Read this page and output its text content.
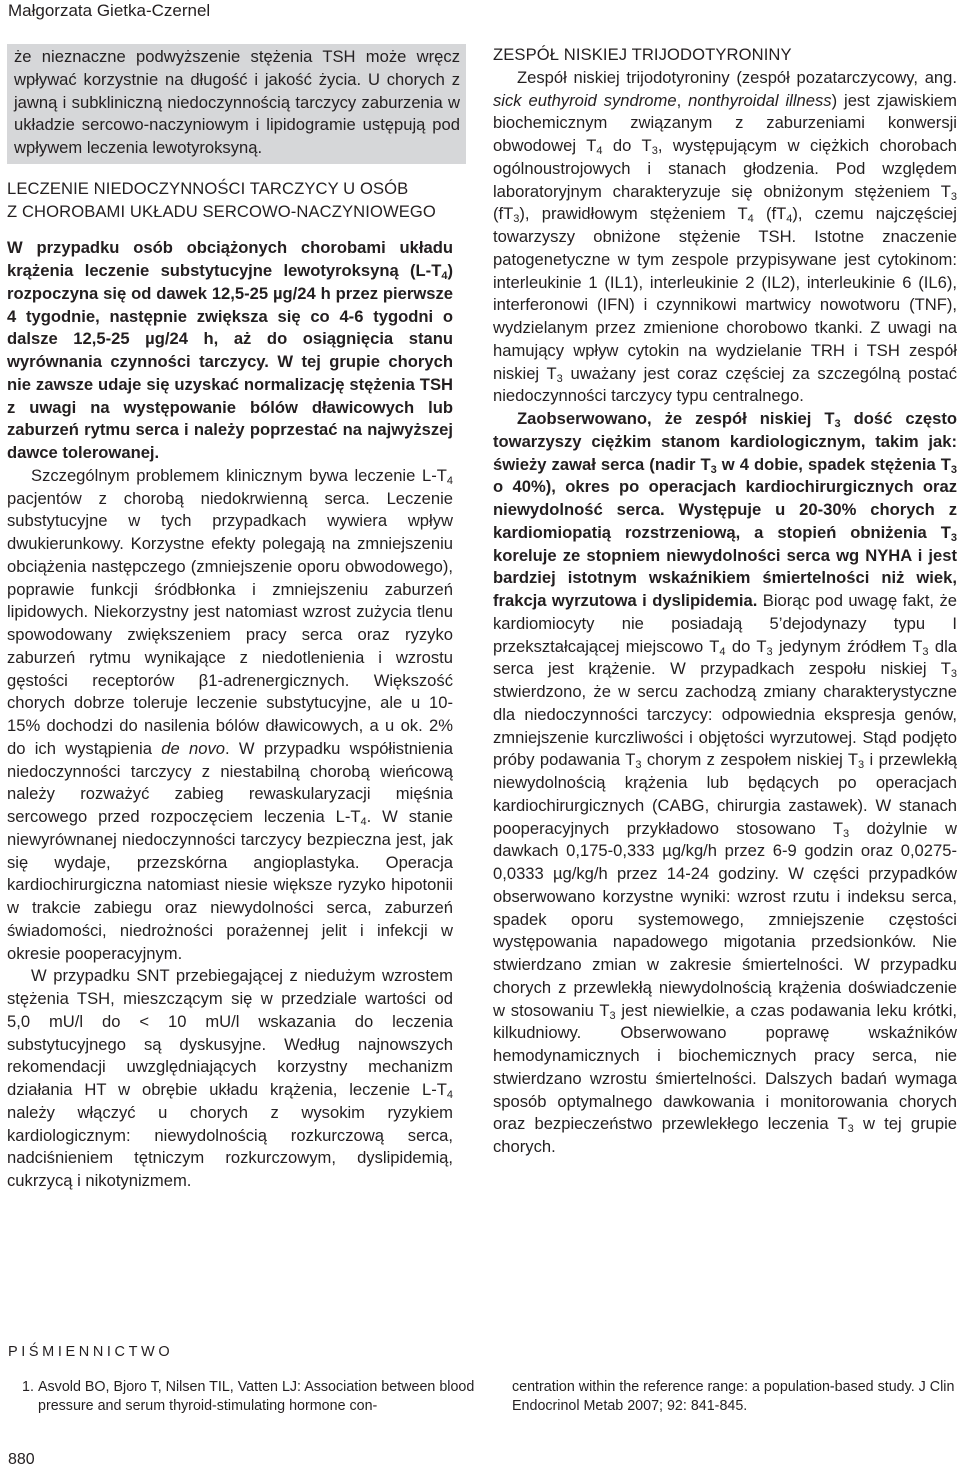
Małgorzata Gietka-Czernel

że nieznaczne podwyższenie stężenia TSH może wręcz wpływać korzystnie na długość i jakość życia. U chorych z jawną i subkliniczną niedoczynnością tarczycy zaburzenia w układzie sercowo-naczyniowym i lipidogramie ustępują pod wpływem leczenia lewotyroksyną.

LECZENIE NIEDOCZYNNOŚCI TARCZYCY U OSÓB
Z CHOROBAMI UKŁADU SERCOWO-NACZYNIOWEGO

W przypadku osób obciążonych chorobami układu krążenia leczenie substytucyjne lewotyroksyną $(L-T_4)$ rozpoczyna się od dawek 12,5-25 µg/24 h przez pierwsze 4 tygodnie, następnie zwiększa się co 4-6 tygodni o dalsze 12,5-25 µg/24 h, aż do osiągnięcia stanu wyrównania czynności tarczycy. W tej grupie chorych nie zawsze udaje się uzyskać normalizację stężenia TSH z uwagi na występowanie bólów dławicowych lub zaburzeń rytmu serca i należy poprzestać na najwyższej dawce tolerowanej.

Szczególnym problemem klinicznym bywa leczenie $L-T_4$ pacjentów z chorobą niedokrwienną serca. Leczenie substytucyjne w tych przypadkach wywiera wpływ dwukierunkowy. Korzystne efekty polegają na zmniejszeniu obciążenia następczego (zmniejszenie oporu obwodowego), poprawie funkcji śródbłonka i zmniejszeniu zaburzeń lipidowych. Niekorzystny jest natomiast wzrost zużycia tlenu spowodowany zwiększeniem pracy serca oraz ryzyko zaburzeń rytmu wynikające z niedotlenienia i wzrostu gęstości receptorów β1-adrenergicznych. Większość chorych dobrze toleruje leczenie substytucyjne, ale u 10-15% dochodzi do nasilenia bólów dławicowych, a u ok. 2% do ich wystąpienia de novo. W przypadku współistnienia niedoczynności tarczycy z niestabilną chorobą wieńcową należy rozważyć zabieg rewaskularyzacji mięśnia sercowego przed rozpoczęciem leczenia $L-T_4$. W stanie niewyrównanej niedoczynności tarczycy bezpieczna jest, jak się wydaje, przezskórna angioplastyka. Operacja kardiochirurgiczna natomiast niesie większe ryzyko hipotonii w trakcie zabiegu oraz niewydolności serca, zaburzeń świadomości, niedrożności porażennej jelit i infekcji w okresie pooperacyjnym.

W przypadku SNT przebiegającej z niedużym wzrostem stężenia TSH, mieszczącym się w przedziale wartości od 5,0 mU/l do < 10 mU/l wskazania do leczenia substytucyjnego są dyskusyjne. Według najnowszych rekomendacji uwzględniających korzystny mechanizm działania HT w obrębie układu krążenia, leczenie $L-T_4$ należy włączyć u chorych z wysokim ryzykiem kardiologicznym: niewydolnością rozkurczową serca, nadciśnieniem tętniczym rozkurczowym, dyslipidemią, cukrzycą i nikotynizmem.

ZESPÓŁ NISKIEJ TRIJODOTYRONINY

Zespół niskiej trijodotyroniny (zespół pozatarczycowy, ang. sick euthyroid syndrome, nonthyroidal illness) jest zjawiskiem biochemicznym związanym z zaburzeniami konwersji obwodowej $T_4$ do $T_3$, występującym w ciężkich chorobach ogólnoustrojowych i stanach głodzenia. Pod względem laboratoryjnym charakteryzuje się obniżonym stężeniem $T_3$ $(fT_3)$, prawidłowym stężeniem $T_4$ $(fT_4)$, czemu najczęściej towarzyszy obniżone stężenie TSH. Istotne znaczenie patogenetyczne w tym zespole przypisywane jest cytokinom: interleukinie 1 (IL1), interleukinie 2 (IL2), interleukinie 6 (IL6), interferonowi (IFN) i czynnikowi martwicy nowotworu (TNF), wydzielanym przez zmienione chorobowo tkanki. Z uwagi na hamujący wpływ cytokin na wydzielanie TRH i TSH zespół niskiej $T_3$ uważany jest coraz częściej za szczególną postać niedoczynności tarczycy typu centralnego.

Zaobserwowano, że zespół niskiej $T_3$ dość często towarzyszy ciężkim stanom kardiologicznym, takim jak: świeży zawał serca (nadir $T_3$ w 4 dobie, spadek stężenia $T_3$ o 40%), okres po operacjach kardiochirurgicznych oraz niewydolność serca. Występuje u 20-30% chorych z kardiomiopatią rozstrzeniową, a stopień obniżenia $T_3$ koreluje ze stopniem niewydolności serca wg NYHA i jest bardziej istotnym wskaźnikiem śmiertelności niż wiek, frakcja wyrzutowa i dyslipidemia. Biorąc pod uwagę fakt, że kardiomiocyty nie posiadają 5’dejodynazy typu I przekształcającej miejscowo $T_4$ do $T_3$ jedynym źródłem $T_3$ dla serca jest krążenie. W przypadkach zespołu niskiej $T_3$ stwierdzono, że w sercu zachodzą zmiany charakterystyczne dla niedoczynności tarczycy: odpowiednia ekspresja genów, zmniejszenie kurczliwości i objętości wyrzutowej. Stąd podjęto próby podawania $T_3$ chorym z zespołem niskiej $T_3$ i przewlekłą niewydolnością krążenia lub będących po operacjach kardiochirurgicznych (CABG, chirurgia zastawek). W stanach pooperacyjnych przykładowo stosowano $T_3$ dożylnie w dawkach 0,175-0,333 µg/kg/h przez 6-9 godzin oraz 0,0275-0,0333 µg/kg/h przez 14-24 godziny. W części przypadków obserwowano korzystne wyniki: wzrost rzutu i indeksu serca, spadek oporu systemowego, zmniejszenie częstości występowania napadowego migotania przedsionków. Nie stwierdzano zmian w zakresie śmiertelności. W przypadku chorych z przewlekłą niewydolnością krążenia doświadczenie w stosowaniu $T_3$ jest niewielkie, a czas podawania leku krótki, kilkudniowy. Obserwowano poprawę wskaźników hemodynamicznych i biochemicznych pracy serca, nie stwierdzano wzrostu śmiertelności. Dalszych badań wymaga sposób optymalnego dawkowania i monitorowania chorych oraz bezpieczeństwo przewlekłego leczenia $T_3$ w tej grupie chorych.

PIŚMIENNICTWO
1. Asvold BO, Bjoro T, Nilsen TIL, Vatten LJ: Association between blood pressure and serum thyroid-stimulating hormone con-
centration within the reference range: a population-based study. J Clin Endocrinol Metab 2007; 92: 841-845.
880
